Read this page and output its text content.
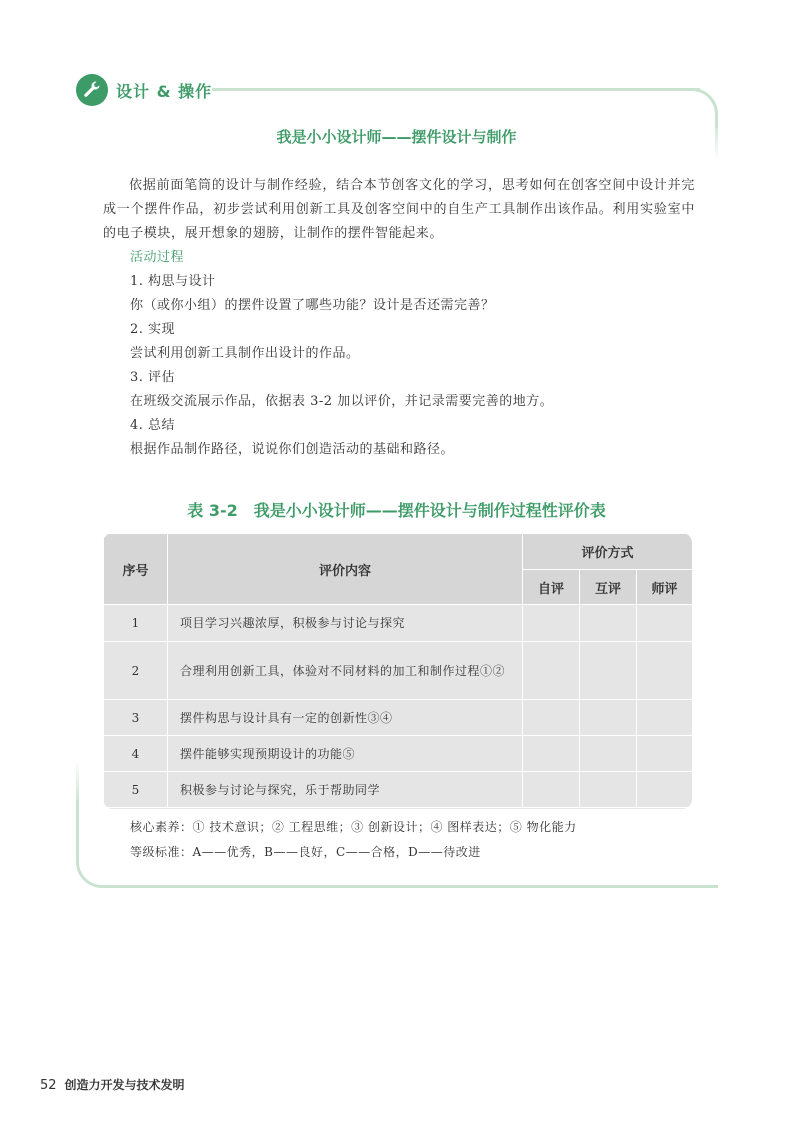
设计 & 操作
我是小小设计师——摆件设计与制作
依据前面笔筒的设计与制作经验，结合本节创客文化的学习，思考如何在创客空间中设计并完成一个摆件作品，初步尝试利用创新工具及创客空间中的自生产工具制作出该作品。利用实验室中的电子模块，展开想象的翅膀，让制作的摆件智能起来。
活动过程
1. 构思与设计
你（或你小组）的摆件设置了哪些功能？设计是否还需完善？
2. 实现
尝试利用创新工具制作出设计的作品。
3. 评估
在班级交流展示作品，依据表 3-2 加以评价，并记录需要完善的地方。
4. 总结
根据作品制作路径，说说你们创造活动的基础和路径。
表 3-2　我是小小设计师——摆件设计与制作过程性评价表
序号	评价内容	评价方式		
		自评	互评	师评
1	项目学习兴趣浓厚，积极参与讨论与探究			
2	合理利用创新工具，体验对不同材料的加工和制作过程①②			
3	摆件构思与设计具有一定的创新性③④			
4	摆件能够实现预期设计的功能⑤			
5	积极参与讨论与探究，乐于帮助同学			
核心素养：① 技术意识；② 工程思维；③ 创新设计；④ 图样表达；⑤ 物化能力
等级标准：A——优秀，B——良好，C——合格，D——待改进
52 创造力开发与技术发明
